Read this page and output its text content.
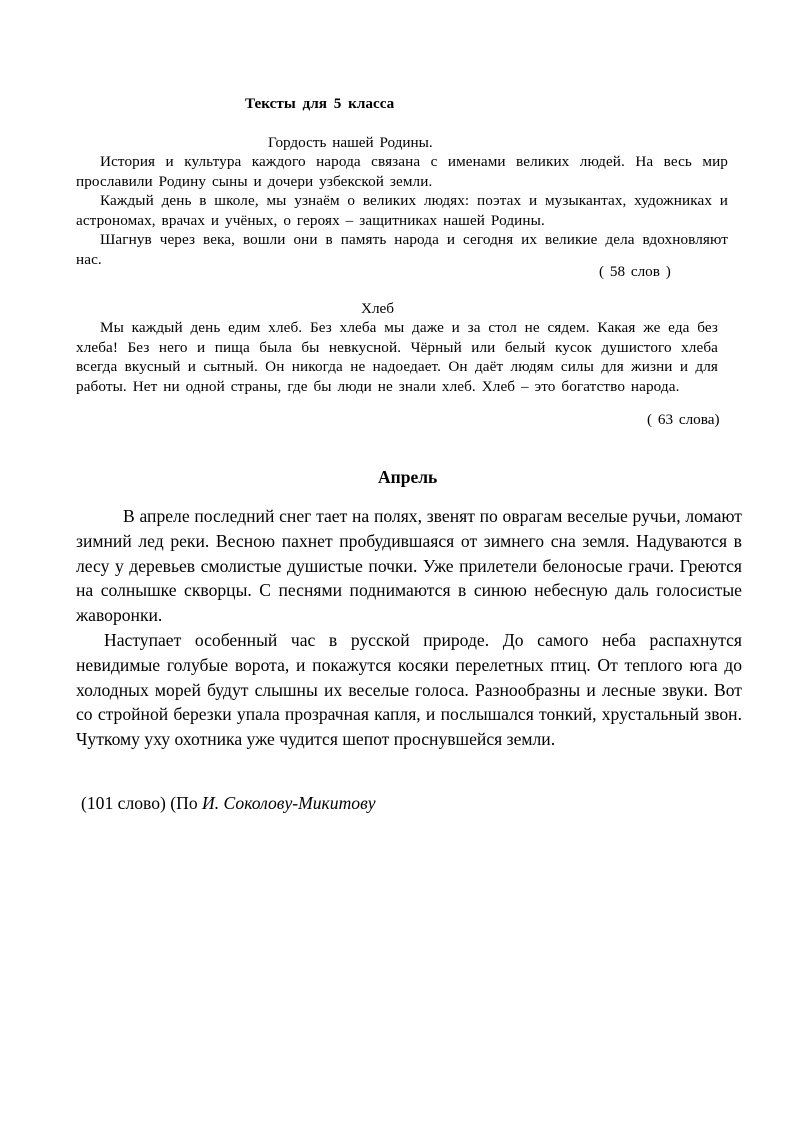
Тексты для 5 класса
Гордость нашей Родины.

История и культура каждого народа связана с именами великих людей. На весь мир прославили Родину сыны и дочери узбекской земли.

Каждый день в школе, мы узнаём о великих людях: поэтах и музыкантах, художниках и астрономах, врачах и учёных, о героях – защитниках нашей Родины.

Шагнув через века, вошли они в память народа и сегодня их великие дела вдохновляют нас.

( 58 слов )

Хлеб

Мы каждый день едим хлеб. Без хлеба мы даже и за стол не сядем. Какая же еда без хлеба! Без него и пища была бы невкусной. Чёрный или белый кусок душистого хлеба всегда вкусный и сытный. Он никогда не надоедает. Он даёт людям силы для жизни и для работы. Нет ни одной страны, где бы люди не знали хлеб. Хлеб – это богатство народа.

( 63 слова)

Апрель

В апреле последний снег тает на полях, звенят по оврагам веселые ручьи, ломают зимний лед реки. Весною пахнет пробудившаяся от зимнего сна земля. Надуваются в лесу у деревьев смолистые душистые почки. Уже прилетели белоносые грачи. Греются на солнышке скворцы. С песнями поднимаются в синюю небесную даль голосистые жаворонки.

Наступает особенный час в русской природе. До самого неба распахнутся невидимые голубые ворота, и покажутся косяки перелетных птиц. От теплого юга до холодных морей будут слышны их веселые голоса. Разнообразны и лесные звуки. Вот со стройной березки упала прозрачная капля, и послышался тонкий, хрустальный звон. Чуткому уху охотника уже чудится шепот проснувшейся земли.

(101 слово) (По И. Соколову-Микитову
